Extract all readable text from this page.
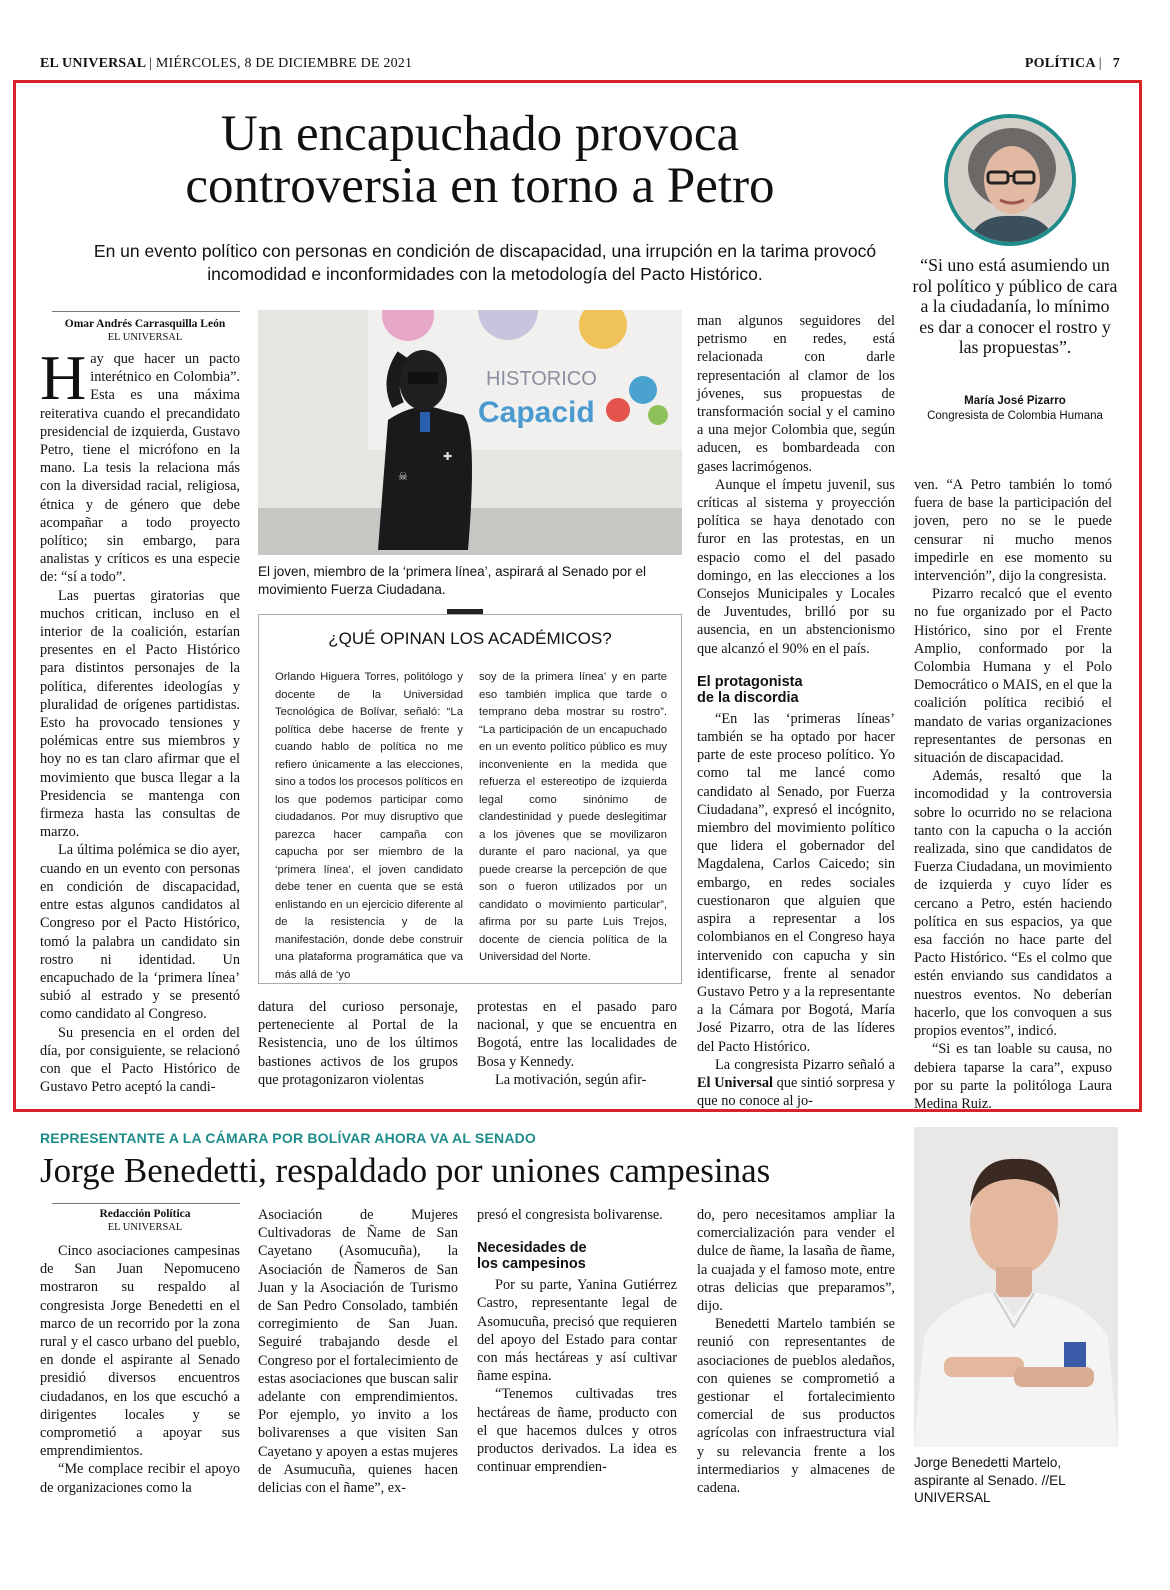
EL UNIVERSAL | MIÉRCOLES, 8 DE DICIEMBRE DE 2021	POLÍTICA |   7
Un encapuchado provoca
controversia en torno a Petro
En un evento político con personas en condición de discapacidad, una irrupción en la tarima provocó
incomodidad e inconformidades con la metodología del Pacto Histórico.	“Si uno está asumiendo un rol político y público de cara a la ciudadanía, lo mínimo es dar a conocer el rostro y las propuestas”.
María José Pizarro
Congresista de Colombia Humana
Omar Andrés Carrasquilla León
EL UNIVERSAL

Hay que hacer un pacto interétnico en Colombia”. Esta es una máxima reiterativa cuando el precandidato presidencial de izquierda, Gustavo Petro, tiene el micrófono en la mano. La tesis la relaciona más con la diversidad racial, religiosa, étnica y de género que debe acompañar a todo proyecto político; sin embargo, para analistas y críticos es una especie de: “sí a todo”.

Las puertas giratorias que muchos critican, incluso en el interior de la coalición, estarían presentes en el Pacto Histórico para distintos personajes de la política, diferentes ideologías y pluralidad de orígenes partidistas. Esto ha provocado tensiones y polémicas entre sus miembros y hoy no es tan claro afirmar que el movimiento que busca llegar a la Presidencia se mantenga con firmeza hasta las consultas de marzo.

La última polémica se dio ayer, cuando en un evento con personas en condición de discapacidad, entre estas algunos candidatos al Congreso por el Pacto Histórico, tomó la palabra un candidato sin rostro ni identidad. Un encapuchado de la ‘primera línea’ subió al estrado y se presentó como candidato al Congreso.

Su presencia en el orden del día, por consiguiente, se relacionó con que el Pacto Histórico de Gustavo Petro aceptó la candi-

HISTORICO
Capacid
☠
✚
El joven, miembro de la ‘primera línea’, aspirará al Senado por el movimiento Fuerza Ciudadana.
¿QUÉ OPINAN LOS ACADÉMICOS?
Orlando Higuera Torres, politólogo y docente de la Universidad Tecnológica de Bolívar, señaló: “La política debe hacerse de frente y cuando hablo de política no me refiero únicamente a las elecciones, sino a todos los procesos políticos en los que podemos participar como ciudadanos. Por muy disruptivo que parezca hacer campaña con capucha por ser miembro de la ‘primera línea’, el joven candidato debe tener en cuenta que se está enlistando en un ejercicio diferente al de la resistencia y de la manifestación, donde debe construir una plataforma programática que va más allá de ‘yo
soy de la primera línea’ y en parte eso también implica que tarde o temprano deba mostrar su rostro”. “La participación de un encapuchado en un evento político público es muy inconveniente en la medida que refuerza el estereotipo de izquierda legal como sinónimo de clandestinidad y puede deslegitimar a los jóvenes que se movilizaron durante el paro nacional, ya que puede crearse la percepción de que son o fueron utilizados por un candidato o movimiento particular”, afirma por su parte Luis Trejos, docente de ciencia política de la Universidad del Norte.

datura del curioso personaje, perteneciente al Portal de la Resistencia, uno de los últimos bastiones activos de los grupos que protagonizaron violentas

protestas en el pasado paro nacional, y que se encuentra en Bogotá, entre las localidades de Bosa y Kennedy.

La motivación, según afir-

man algunos seguidores del petrismo en redes, está relacionada con darle representación al clamor de los jóvenes, sus propuestas de transformación social y el camino a una mejor Colombia que, según aducen, es bombardeada con gases lacrimógenos.

Aunque el ímpetu juvenil, sus críticas al sistema y proyección política se haya denotado con furor en las protestas, en un espacio como el del pasado domingo, en las elecciones a los Consejos Municipales y Locales de Juventudes, brilló por su ausencia, en un abstencionismo que alcanzó el 90% en el país.

El protagonista
de la discordia

“En las ‘primeras líneas’ también se ha optado por hacer parte de este proceso político. Yo como tal me lancé como candidato al Senado, por Fuerza Ciudadana”, expresó el incógnito, miembro del movimiento político que lidera el gobernador del Magdalena, Carlos Caicedo; sin embargo, en redes sociales cuestionaron que alguien que aspira a representar a los colombianos en el Congreso haya intervenido con capucha y sin identificarse, frente al senador Gustavo Petro y a la representante a la Cámara por Bogotá, María José Pizarro, otra de las líderes del Pacto Histórico.

La congresista Pizarro señaló a El Universal que sintió sorpresa y que no conoce al jo-

ven. “A Petro también lo tomó fuera de base la participación del joven, pero no se le puede censurar ni mucho menos impedirle en ese momento su intervención”, dijo la congresista.

Pizarro recalcó que el evento no fue organizado por el Pacto Histórico, sino por el Frente Amplio, conformado por la Colombia Humana y el Polo Democrático o MAIS, en el que la coalición política recibió el mandato de varias organizaciones representantes de personas en situación de discapacidad.

Además, resaltó que la incomodidad y la controversia sobre lo ocurrido no se relaciona tanto con la capucha o la acción realizada, sino que candidatos de Fuerza Ciudadana, un movimiento de izquierda y cuyo líder es cercano a Petro, estén haciendo política en sus espacios, ya que esa facción no hace parte del Pacto Histórico. “Es el colmo que estén enviando sus candidatos a nuestros eventos. No deberían hacerlo, que los convoquen a sus propios eventos”, indicó.

“Si es tan loable su causa, no debiera taparse la cara”, expuso por su parte la politóloga Laura Medina Ruiz.

REPRESENTANTE A LA CÁMARA POR BOLÍVAR AHORA VA AL SENADO
Jorge Benedetti, respaldado por uniones campesinas
Redacción Política
EL UNIVERSAL

Cinco asociaciones campesinas de San Juan Nepomuceno mostraron su respaldo al congresista Jorge Benedetti en el marco de un recorrido por la zona rural y el casco urbano del pueblo, en donde el aspirante al Senado presidió diversos encuentros ciudadanos, en los que escuchó a dirigentes locales y se comprometió a apoyar sus emprendimientos.

“Me complace recibir el apoyo de organizaciones como la

Asociación de Mujeres Cultivadoras de Ñame de San Cayetano (Asomucuña), la Asociación de Ñameros de San Juan y la Asociación de Turismo de San Pedro Consolado, también corregimiento de San Juan. Seguiré trabajando desde el Congreso por el fortalecimiento de estas asociaciones que buscan salir adelante con emprendimientos. Por ejemplo, yo invito a los bolivarenses a que visiten San Cayetano y apoyen a estas mujeres de Asumucuña, quienes hacen delicias con el ñame”, ex-

presó el congresista bolivarense.

Necesidades de
los campesinos

Por su parte, Yanina Gutiérrez Castro, representante legal de Asomucuña, precisó que requieren del apoyo del Estado para contar con más hectáreas y así cultivar ñame espina.

“Tenemos cultivadas tres hectáreas de ñame, producto con el que hacemos dulces y otros productos derivados. La idea es continuar emprendien-

do, pero necesitamos ampliar la comercialización para vender el dulce de ñame, la lasaña de ñame, la cuajada y el famoso mote, entre otras delicias que preparamos”, dijo.

Benedetti Martelo también se reunió con representantes de asociaciones de pueblos aledaños, con quienes se comprometió a gestionar el fortalecimiento comercial de sus productos agrícolas con infraestructura vial y su relevancia frente a los intermediarios y almacenes de cadena.

Jorge Benedetti Martelo, aspirante al Senado. //EL UNIVERSAL
